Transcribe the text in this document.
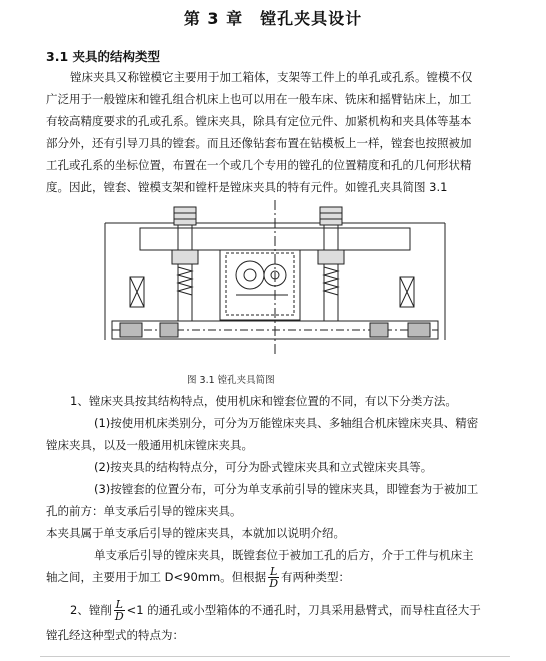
第 3 章　镗孔夹具设计
3.1 夹具的结构类型
镗床夹具又称镗模它主要用于加工箱体，支架等工件上的单孔或孔系。镗模不仅
广泛用于一般镗床和镗孔组合机床上也可以用在一般车床、铣床和摇臂钻床上，加工
有较高精度要求的孔或孔系。镗床夹具，除具有定位元件、加紧机构和夹具体等基本
部分外，还有引导刀具的镗套。而且还像钻套布置在钻模板上一样，镗套也按照被加
工孔或孔系的坐标位置，布置在一个或几个专用的镗孔的位置精度和孔的几何形状精
度。因此，镗套、镗模支架和镗杆是镗床夹具的特有元件。如镗孔夹具简图 3.1
图 3.1 镗孔夹具简图
1、镗床夹具按其结构特点，使用机床和镗套位置的不同，有以下分类方法。
(1)按使用机床类别分，可分为万能镗床夹具、多轴组合机床镗床夹具、精密
镗床夹具，以及一般通用机床镗床夹具。
(2)按夹具的结构特点分，可分为卧式镗床夹具和立式镗床夹具等。
(3)按镗套的位置分布，可分为单支承前引导的镗床夹具，即镗套为于被加工
孔的前方：单支承后引导的镗床夹具。
本夹具属于单支承后引导的镗床夹具，本就加以说明介绍。
单支承后引导的镗床夹具，既镗套位于被加工孔的后方，介于工件与机床主
轴之间，主要用于加工 D<90mm。但根据 $\frac{L}{D}$ 有两种类型：
2、镗削 $\frac{L}{D} <1$ 的通孔或小型箱体的不通孔时，刀具采用悬臂式，而导柱直径大于
镗孔经这种型式的特点为：
